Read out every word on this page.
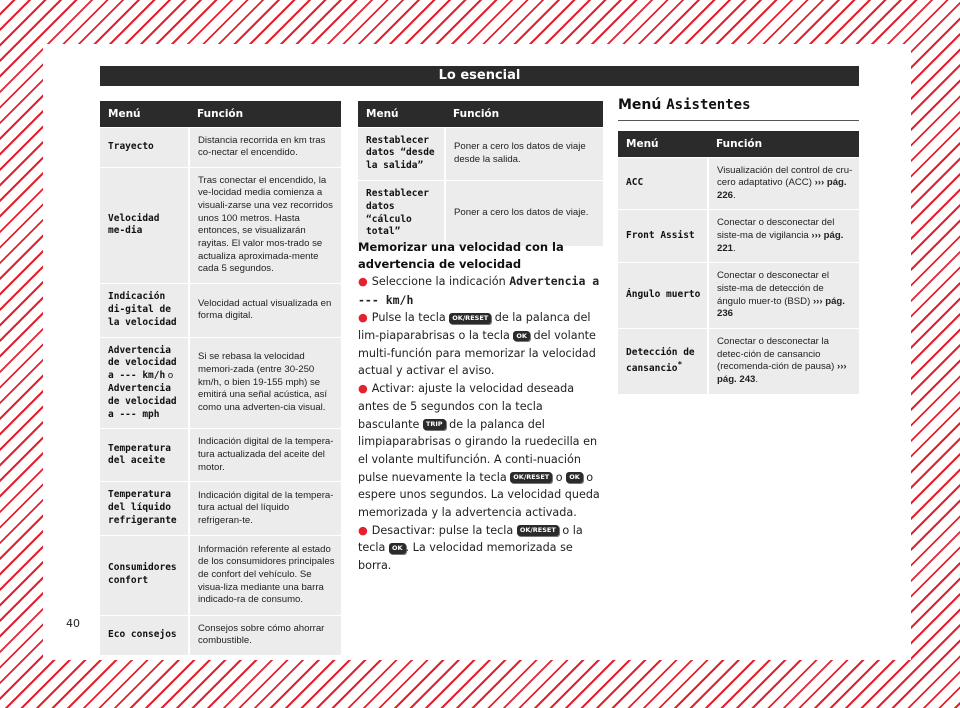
Lo esencial
Menú	Función
Trayecto	Distancia recorrida en km tras co-nectar el encendido.
Velocidad me-dia	Tras conectar el encendido, la ve-locidad media comienza a visuali-zarse una vez recorridos unos 100 metros. Hasta entonces, se visualizarán rayitas. El valor mos-trado se actualiza aproximada-mente cada 5 segundos.
Indicación di-gital de la velocidad	Velocidad actual visualizada en forma digital.
Advertencia de velocidad a --- km/h o Advertencia de velocidad a --- mph	Si se rebasa la velocidad memori-zada (entre 30-250 km/h, o bien 19-155 mph) se emitirá una señal acústica, así como una adverten-cia visual.
Temperatura del aceite	Indicación digital de la tempera-tura actualizada del aceite del motor.
Temperatura del líquido refrigerante	Indicación digital de la tempera-tura actual del líquido refrigeran-te.
Consumidores confort	Información referente al estado de los consumidores principales de confort del vehículo. Se visua-liza mediante una barra indicado-ra de consumo.
Eco consejos	Consejos sobre cómo ahorrar combustible.
Menú	Función
Restablecer datos “desde la salida”	Poner a cero los datos de viaje desde la salida.
Restablecer datos “cálculo total”	Poner a cero los datos de viaje.
Memorizar una velocidad con la advertencia de velocidad
● Seleccione la indicación Advertencia a --- km/h
● Pulse la tecla OK/RESET de la palanca del lim-piaparabrisas o la tecla OK del volante multi-función para memorizar la velocidad actual y activar el aviso.
● Activar: ajuste la velocidad deseada antes de 5 segundos con la tecla basculante TRIP de la palanca del limpiaparabrisas o girando la ruedecilla en el volante multifunción. A conti-nuación pulse nuevamente la tecla OK/RESET o OK o espere unos segundos. La velocidad queda memorizada y la advertencia activada.
● Desactivar: pulse la tecla OK/RESET o la tecla OK . La velocidad memorizada se borra.
Menú Asistentes
Menú	Función
ACC	Visualización del control de cru-cero adaptativo (ACC) ››› pág. 226.
Front Assist	Conectar o desconectar del siste-ma de vigilancia ››› pág. 221.
Ángulo muerto	Conectar o desconectar el siste-ma de detección de ángulo muer-to (BSD) ››› pág. 236
Detección de cansancio*	Conectar o desconectar la detec-ción de cansancio (recomenda-ción de pausa) ››› pág. 243.
40
